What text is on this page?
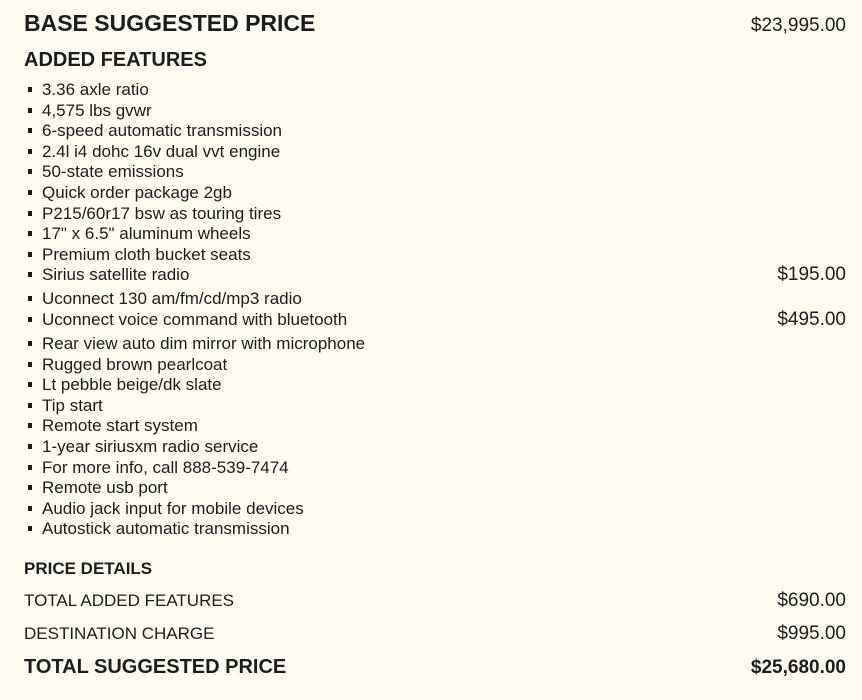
BASE SUGGESTED PRICE	$23,995.00
ADDED FEATURES
3.36 axle ratio
4,575 lbs gvwr
6-speed automatic transmission
2.4l i4 dohc 16v dual vvt engine
50-state emissions
Quick order package 2gb
P215/60r17 bsw as touring tires
17" x 6.5" aluminum wheels
Premium cloth bucket seats
Sirius satellite radio	$195.00
Uconnect 130 am/fm/cd/mp3 radio
Uconnect voice command with bluetooth	$495.00
Rear view auto dim mirror with microphone
Rugged brown pearlcoat
Lt pebble beige/dk slate
Tip start
Remote start system
1-year siriusxm radio service
For more info, call 888-539-7474
Remote usb port
Audio jack input for mobile devices
Autostick automatic transmission
PRICE DETAILS
TOTAL ADDED FEATURES	$690.00
DESTINATION CHARGE	$995.00
TOTAL SUGGESTED PRICE	$25,680.00
